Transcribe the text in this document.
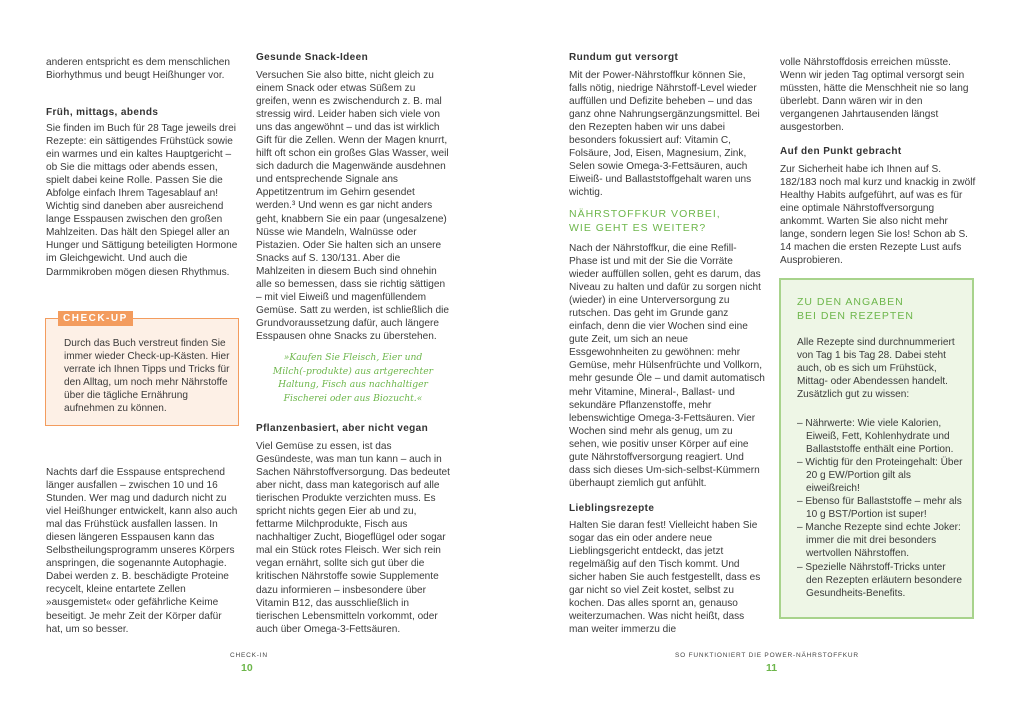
anderen entspricht es dem menschlichen Biorhythmus und beugt Heißhunger vor.

Früh, mittags, abends

Sie finden im Buch für 28 Tage jeweils drei Rezepte: ein sättigendes Frühstück sowie ein warmes und ein kaltes Hauptgericht – ob Sie die mittags oder abends essen, spielt dabei keine Rolle. Passen Sie die Abfolge einfach Ihrem Tagesablauf an! Wichtig sind daneben aber ausreichend lange Esspausen zwischen den großen Mahlzeiten. Das hält den Spiegel aller an Hunger und Sättigung beteiligten Hormone im Gleichgewicht. Und auch die Darmmikroben mögen diesen Rhythmus.

CHECK-UP

Durch das Buch verstreut finden Sie immer wieder Check-up-Kästen. Hier verrate ich Ihnen Tipps und Tricks für den Alltag, um noch mehr Nährstoffe über die tägliche Ernährung aufnehmen zu können.

Nachts darf die Esspause entsprechend länger ausfallen – zwischen 10 und 16 Stunden. Wer mag und dadurch nicht zu viel Heißhunger entwickelt, kann also auch mal das Frühstück ausfallen lassen. In diesen längeren Esspausen kann das Selbstheilungsprogramm unseres Körpers anspringen, die sogenannte Autophagie. Dabei werden z. B. beschädigte Proteine recycelt, kleine entartete Zellen »ausgemistet« oder gefährliche Keime beseitigt. Je mehr Zeit der Körper dafür hat, um so besser.

Gesunde Snack-Ideen

Versuchen Sie also bitte, nicht gleich zu einem Snack oder etwas Süßem zu greifen, wenn es zwischendurch z. B. mal stressig wird. Leider haben sich viele von uns das angewöhnt – und das ist wirklich Gift für die Zellen. Wenn der Magen knurrt, hilft oft schon ein großes Glas Wasser, weil sich dadurch die Magenwände ausdehnen und entsprechende Signale ans Appetitzentrum im Gehirn gesendet werden.³ Und wenn es gar nicht anders geht, knabbern Sie ein paar (ungesalzene) Nüsse wie Mandeln, Walnüsse oder Pistazien. Oder Sie halten sich an unsere Snacks auf S. 130/131. Aber die Mahlzeiten in diesem Buch sind ohnehin alle so bemessen, dass sie richtig sättigen – mit viel Eiweiß und magenfüllendem Gemüse. Satt zu werden, ist schließlich die Grundvoraussetzung dafür, auch längere Esspausen ohne Snacks zu überstehen.

»Kaufen Sie Fleisch, Eier und Milch(-produkte) aus artgerechter Haltung, Fisch aus nachhaltiger Fischerei oder aus Biozucht.«

Pflanzenbasiert, aber nicht vegan

Viel Gemüse zu essen, ist das Gesündeste, was man tun kann – auch in Sachen Nährstoffversorgung. Das bedeutet aber nicht, dass man kategorisch auf alle tierischen Produkte verzichten muss. Es spricht nichts gegen Eier ab und zu, fettarme Milchprodukte, Fisch aus nachhaltiger Zucht, Biogeflügel oder sogar mal ein Stück rotes Fleisch. Wer sich rein vegan ernährt, sollte sich gut über die kritischen Nährstoffe sowie Supplemente dazu informieren – insbesondere über Vitamin B12, das ausschließlich in tierischen Lebensmitteln vorkommt, oder auch über Omega-3-Fettsäuren.

CHECK-IN
10

Rundum gut versorgt

Mit der Power-Nährstoffkur können Sie, falls nötig, niedrige Nährstoff-Level wieder auffüllen und Defizite beheben – und das ganz ohne Nahrungsergänzungsmittel. Bei den Rezepten haben wir uns dabei besonders fokussiert auf: Vitamin C, Folsäure, Jod, Eisen, Magnesium, Zink, Selen sowie Omega-3-Fettsäuren, auch Eiweiß- und Ballaststoffgehalt waren uns wichtig.

NÄHRSTOFFKUR VORBEI,

WIE GEHT ES WEITER?

Nach der Nährstoffkur, die eine Refill-Phase ist und mit der Sie die Vorräte wieder auffüllen sollen, geht es darum, das Niveau zu halten und dafür zu sorgen nicht (wieder) in eine Unterversorgung zu rutschen. Das geht im Grunde ganz einfach, denn die vier Wochen sind eine gute Zeit, um sich an neue Essgewohnheiten zu gewöhnen: mehr Gemüse, mehr Hülsenfrüchte und Vollkorn, mehr gesunde Öle – und damit automatisch mehr Vitamine, Mineral-, Ballast- und sekundäre Pflanzenstoffe, mehr lebenswichtige Omega-3-Fettsäuren. Vier Wochen sind mehr als genug, um zu sehen, wie positiv unser Körper auf eine gute Nährstoffversorgung reagiert. Und dass sich dieses Um-sich-selbst-Kümmern überhaupt ziemlich gut anfühlt.

Lieblingsrezepte

Halten Sie daran fest! Vielleicht haben Sie sogar das ein oder andere neue Lieblingsgericht entdeckt, das jetzt regelmäßig auf den Tisch kommt. Und sicher haben Sie auch festgestellt, dass es gar nicht so viel Zeit kostet, selbst zu kochen. Das alles spornt an, genauso weiterzumachen. Was nicht heißt, dass man weiter immerzu die

volle Nährstoffdosis erreichen müsste. Wenn wir jeden Tag optimal versorgt sein müssten, hätte die Menschheit nie so lang überlebt. Dann wären wir in den vergangenen Jahrtausenden längst ausgestorben.

Auf den Punkt gebracht

Zur Sicherheit habe ich Ihnen auf S. 182/183 noch mal kurz und knackig in zwölf Healthy Habits aufgeführt, auf was es für eine optimale Nährstoffversorgung ankommt. Warten Sie also nicht mehr lange, sondern legen Sie los! Schon ab S. 14 machen die ersten Rezepte Lust aufs Ausprobieren.

ZU DEN ANGABEN

BEI DEN REZEPTEN

Alle Rezepte sind durchnummeriert von Tag 1 bis Tag 28. Dabei steht auch, ob es sich um Frühstück, Mittag- oder Abendessen handelt. Zusätzlich gut zu wissen:

– Nährwerte: Wie viele Kalorien, Eiweiß, Fett, Kohlenhydrate und Ballaststoffe enthält eine Portion.

– Wichtig für den Proteingehalt: Über 20 g EW/Portion gilt als eiweißreich!

– Ebenso für Ballaststoffe – mehr als 10 g BST/Portion ist super!

– Manche Rezepte sind echte Joker: immer die mit drei besonders wertvollen Nährstoffen.

– Spezielle Nährstoff-Tricks unter den Rezepten erläutern besondere Gesundheits-Benefits.

SO FUNKTIONIERT DIE POWER-NÄHRSTOFFKUR
11
